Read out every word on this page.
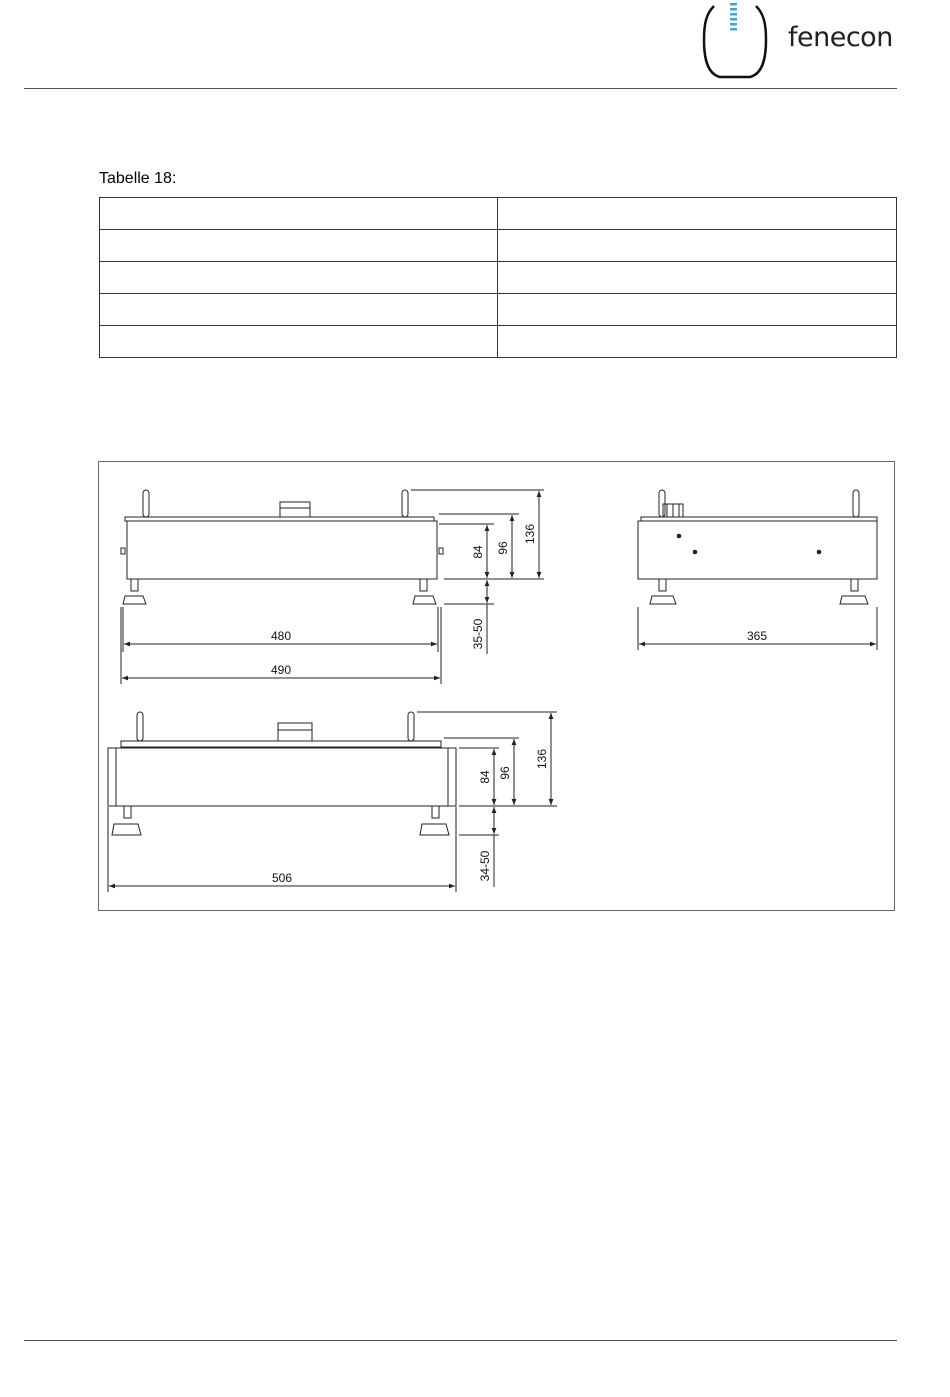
fenecon
Tabelle 18:

480
490
84 96
136
35-50	365
506
84 96
136
34-50
